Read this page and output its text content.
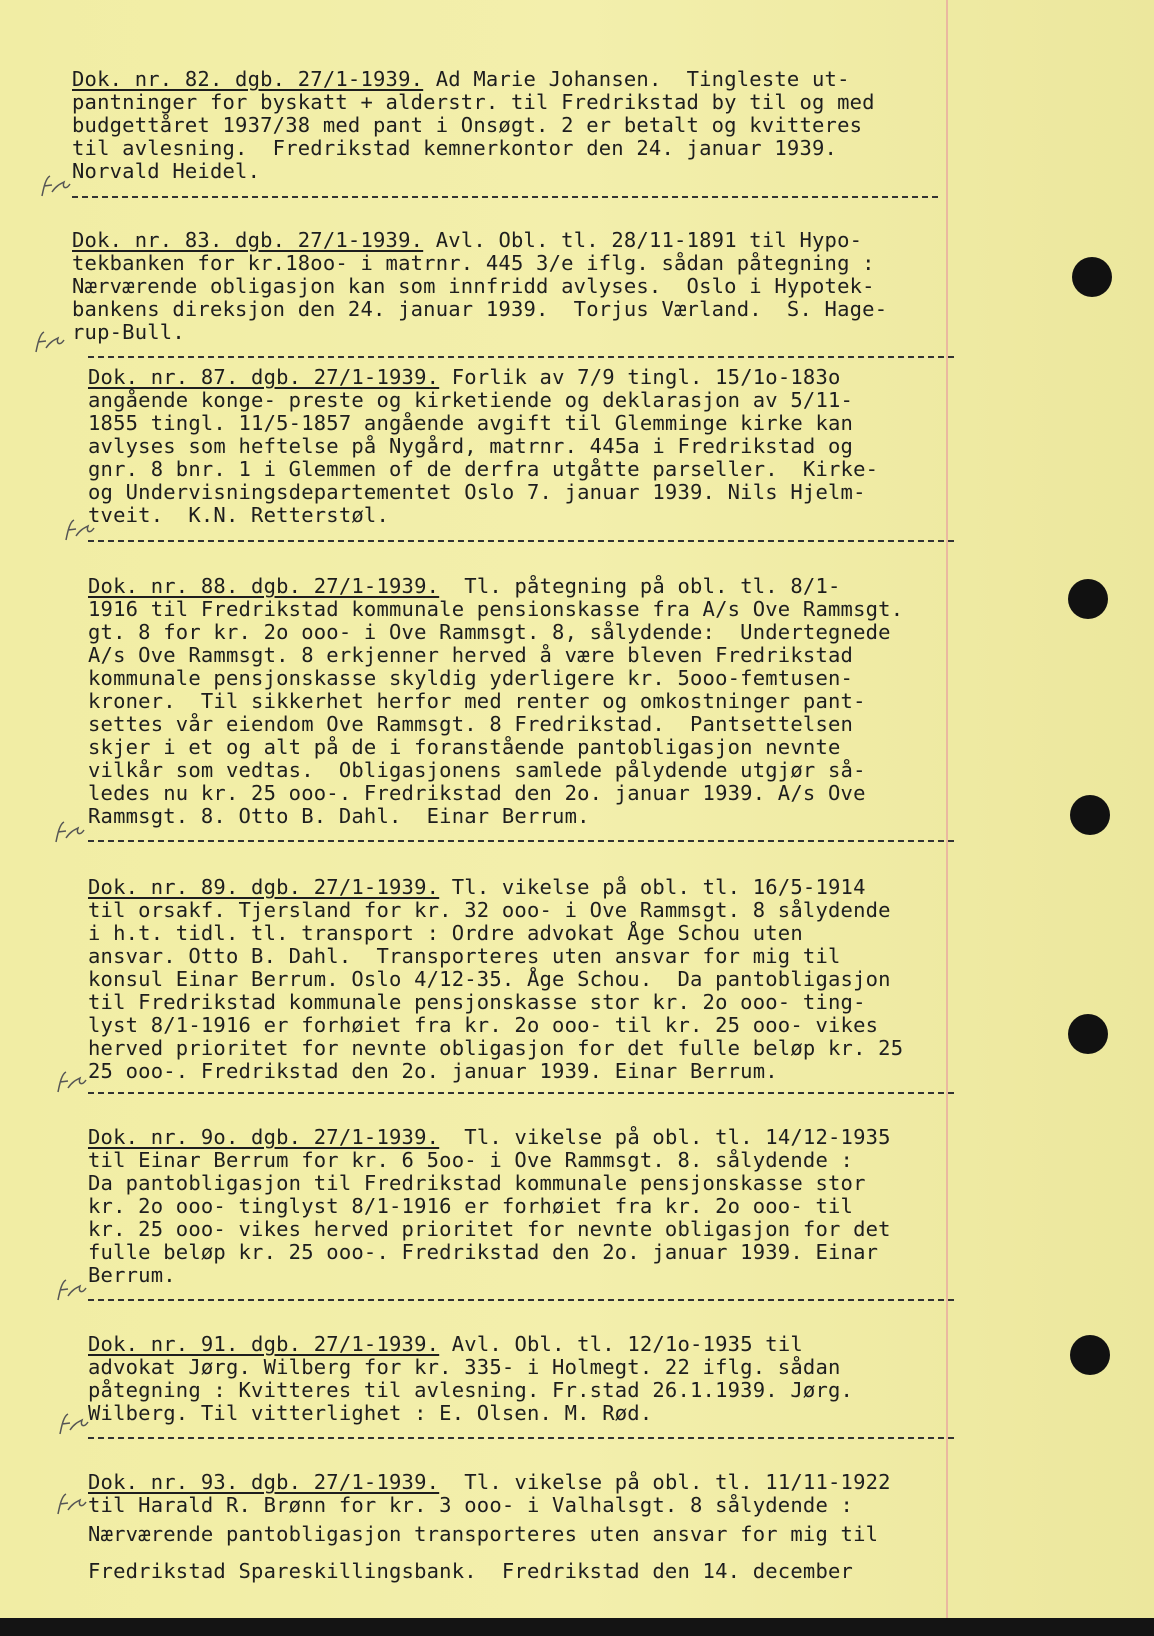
Dok. nr. 82. dgb. 27/1-1939. Ad Marie Johansen.  Tingleste ut-
pantninger for byskatt + alderstr. til Fredrikstad by til og med
budgettåret 1937/38 med pant i Onsøgt. 2 er betalt og kvitteres
til avlesning.  Fredrikstad kemnerkontor den 24. januar 1939.
Norvald Heidel.
Dok. nr. 83. dgb. 27/1-1939. Avl. Obl. tl. 28/11-1891 til Hypo-
tekbanken for kr.18oo- i matrnr. 445 3/e iflg. sådan påtegning :
Nærværende obligasjon kan som innfridd avlyses.  Oslo i Hypotek-
bankens direksjon den 24. januar 1939.  Torjus Værland.  S. Hage-
rup-Bull.
Dok. nr. 87. dgb. 27/1-1939. Forlik av 7/9 tingl. 15/1o-183o
angående konge- preste og kirketiende og deklarasjon av 5/11-
1855 tingl. 11/5-1857 angående avgift til Glemminge kirke kan
avlyses som heftelse på Nygård, matrnr. 445a i Fredrikstad og
gnr. 8 bnr. 1 i Glemmen of de derfra utgåtte parseller.  Kirke-
og Undervisningsdepartementet Oslo 7. januar 1939. Nils Hjelm-
tveit.  K.N. Retterstøl.
Dok. nr. 88. dgb. 27/1-1939.  Tl. påtegning på obl. tl. 8/1-
1916 til Fredrikstad kommunale pensionskasse fra A/s Ove Rammsgt.
gt. 8 for kr. 2o ooo- i Ove Rammsgt. 8, sålydende:  Undertegnede
A/s Ove Rammsgt. 8 erkjenner herved å være bleven Fredrikstad
kommunale pensjonskasse skyldig yderligere kr. 5ooo-femtusen-
kroner.  Til sikkerhet herfor med renter og omkostninger pant-
settes vår eiendom Ove Rammsgt. 8 Fredrikstad.  Pantsettelsen
skjer i et og alt på de i foranstående pantobligasjon nevnte
vilkår som vedtas.  Obligasjonens samlede pålydende utgjør så-
ledes nu kr. 25 ooo-. Fredrikstad den 2o. januar 1939. A/s Ove
Rammsgt. 8. Otto B. Dahl.  Einar Berrum.
Dok. nr. 89. dgb. 27/1-1939. Tl. vikelse på obl. tl. 16/5-1914
til orsakf. Tjersland for kr. 32 ooo- i Ove Rammsgt. 8 sålydende
i h.t. tidl. tl. transport : Ordre advokat Åge Schou uten
ansvar. Otto B. Dahl.  Transporteres uten ansvar for mig til
konsul Einar Berrum. Oslo 4/12-35. Åge Schou.  Da pantobligasjon
til Fredrikstad kommunale pensjonskasse stor kr. 2o ooo- ting-
lyst 8/1-1916 er forhøiet fra kr. 2o ooo- til kr. 25 ooo- vikes
herved prioritet for nevnte obligasjon for det fulle beløp kr. 25
25 ooo-. Fredrikstad den 2o. januar 1939. Einar Berrum.
Dok. nr. 9o. dgb. 27/1-1939.  Tl. vikelse på obl. tl. 14/12-1935
til Einar Berrum for kr. 6 5oo- i Ove Rammsgt. 8. sålydende :
Da pantobligasjon til Fredrikstad kommunale pensjonskasse stor
kr. 2o ooo- tinglyst 8/1-1916 er forhøiet fra kr. 2o ooo- til
kr. 25 ooo- vikes herved prioritet for nevnte obligasjon for det
fulle beløp kr. 25 ooo-. Fredrikstad den 2o. januar 1939. Einar
Berrum.
Dok. nr. 91. dgb. 27/1-1939. Avl. Obl. tl. 12/1o-1935 til
advokat Jørg. Wilberg for kr. 335- i Holmegt. 22 iflg. sådan
påtegning : Kvitteres til avlesning. Fr.stad 26.1.1939. Jørg.
Wilberg. Til vitterlighet : E. Olsen. M. Rød.
Dok. nr. 93. dgb. 27/1-1939.  Tl. vikelse på obl. tl. 11/11-1922
til Harald R. Brønn for kr. 3 ooo- i Valhalsgt. 8 sålydende :
Nærværende pantobligasjon transporteres uten ansvar for mig til
Fredrikstad Spareskillingsbank.  Fredrikstad den 14. december
